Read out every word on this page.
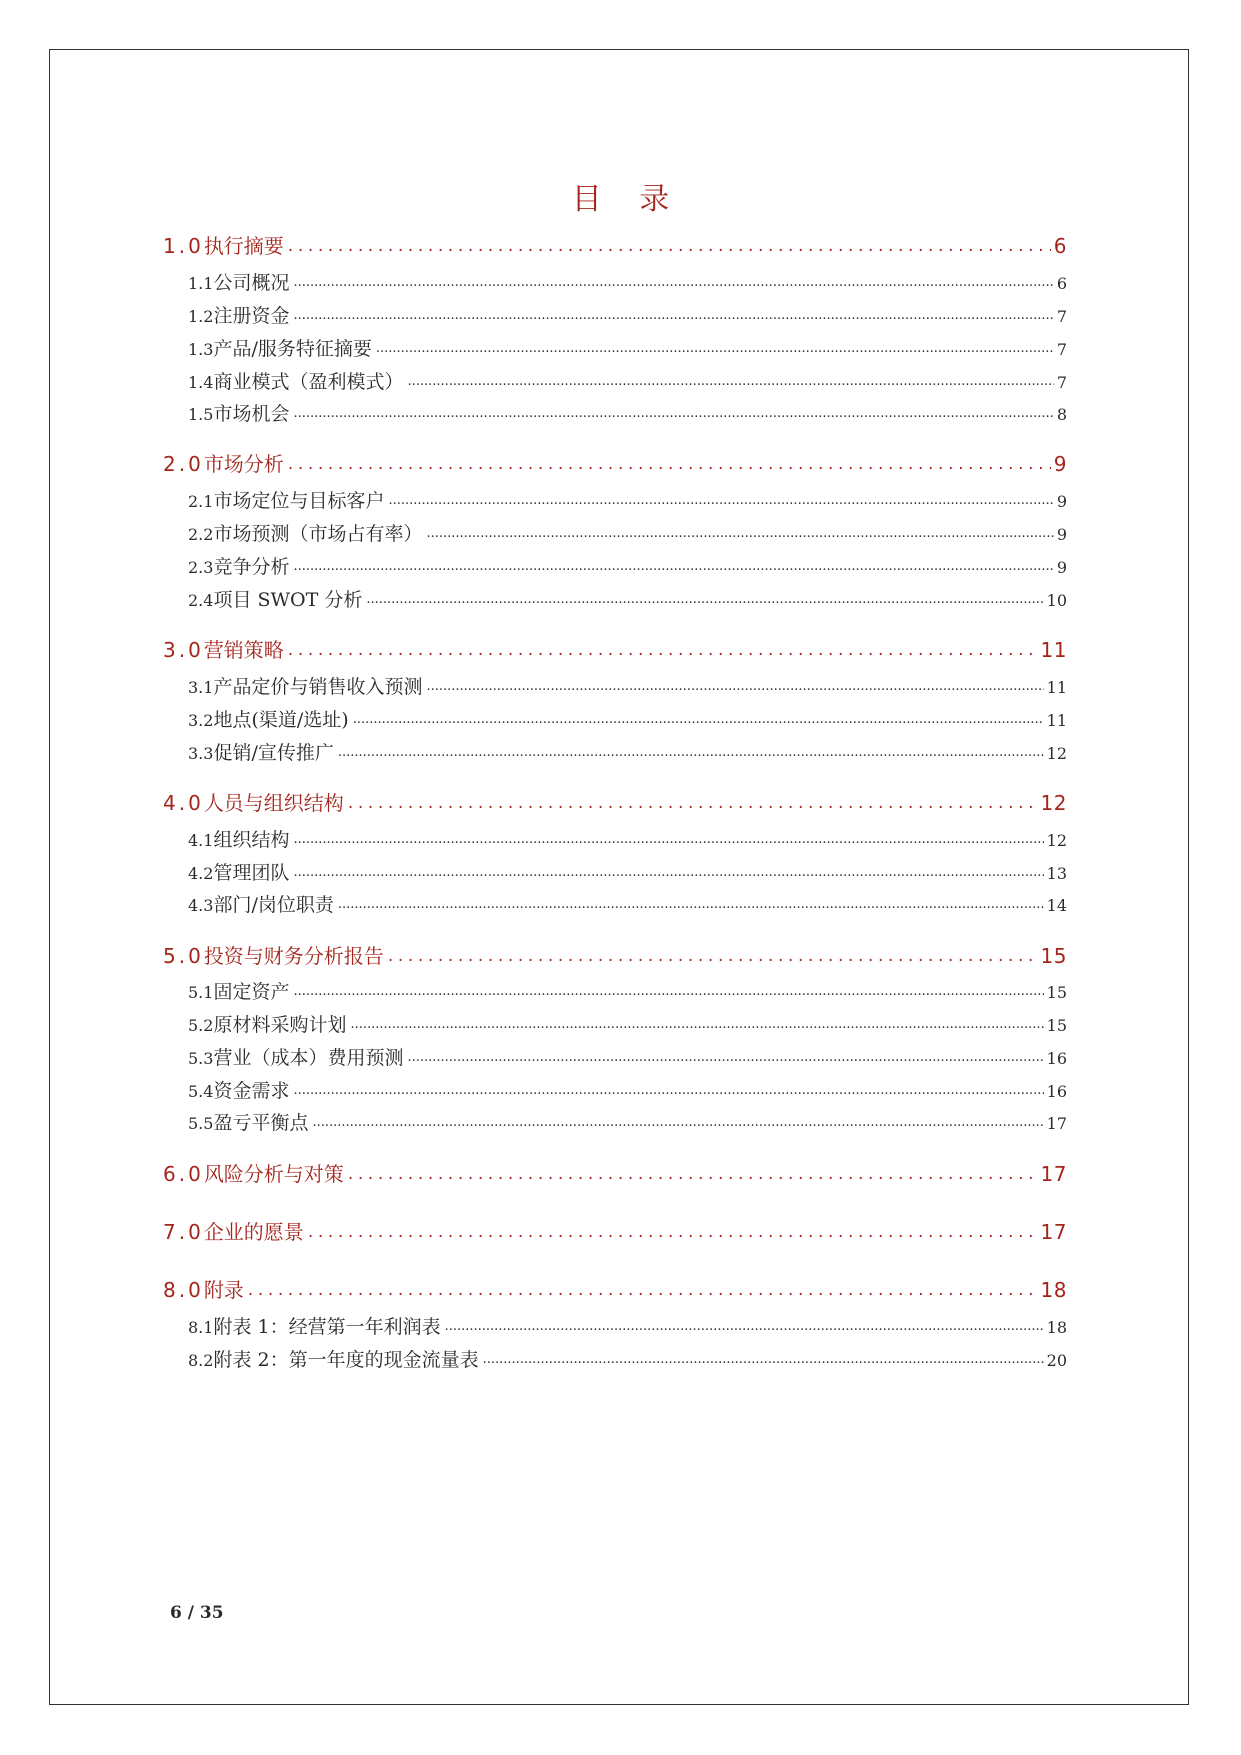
目 录
1.0 执行摘要 .....	6
1.1 公司概况 .....	6
1.2 注册资金 .....	7
1.3 产品/服务特征摘要 .....	7
1.4 商业模式（盈利模式） .....	7
1.5 市场机会 .....	8
2.0 市场分析 .....	9
2.1 市场定位与目标客户 .....	9
2.2 市场预测（市场占有率） .....	9
2.3 竞争分析 .....	9
2.4 项目 SWOT 分析 .....	10
3.0 营销策略 .....	11
3.1 产品定价与销售收入预测 .....	11
3.2 地点(渠道/选址) .....	11
3.3 促销/宣传推广 .....	12
4.0 人员与组织结构 .....	12
4.1 组织结构 .....	12
4.2 管理团队 .....	13
4.3 部门/岗位职责 .....	14
5.0 投资与财务分析报告 .....	15
5.1 固定资产 .....	15
5.2 原材料采购计划 .....	15
5.3 营业（成本）费用预测 .....	16
5.4 资金需求 .....	16
5.5 盈亏平衡点 .....	17
6.0 风险分析与对策 .....	17
7.0 企业的愿景 .....	17
8.0 附录 .....	18
8.1 附表 1：经营第一年利润表 .....	18
8.2 附表 2：第一年度的现金流量表 .....	20
6 / 35
